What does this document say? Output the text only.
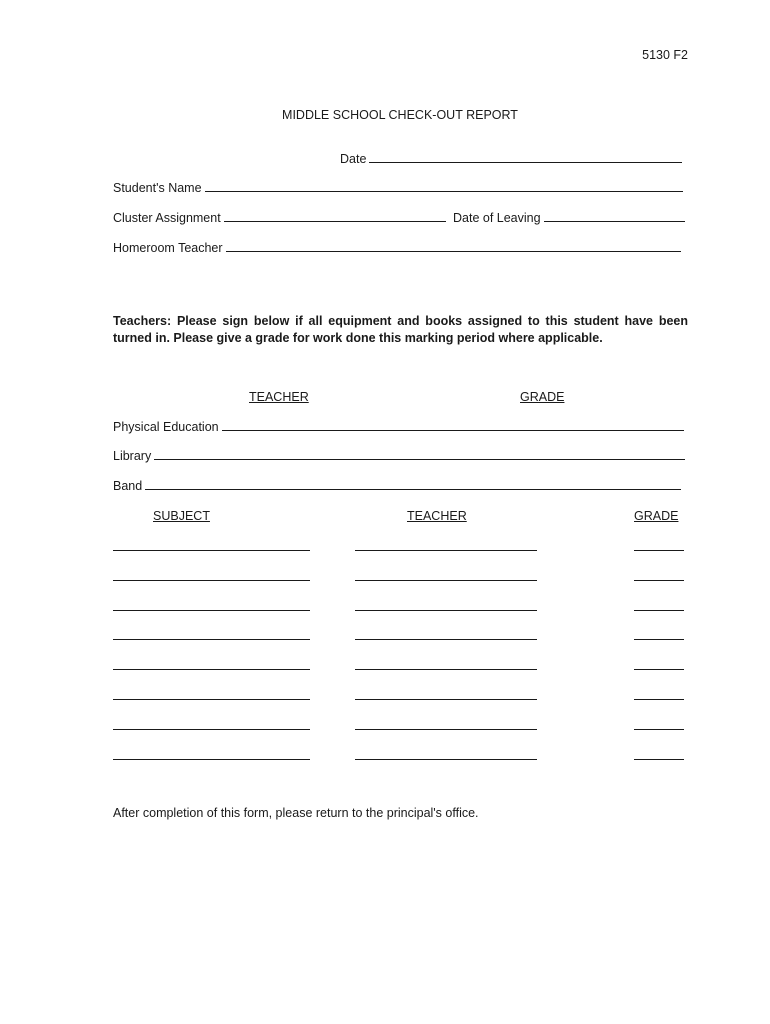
5130 F2
MIDDLE SCHOOL CHECK-OUT REPORT
Date
Student's Name
Cluster Assignment	Date of Leaving
Homeroom Teacher
Teachers: Please sign below if all equipment and books assigned to this student have been turned in. Please give a grade for work done this marking period where applicable.
TEACHER	GRADE
Physical Education
Library
Band
SUBJECT	TEACHER	GRADE
After completion of this form, please return to the principal's office.
